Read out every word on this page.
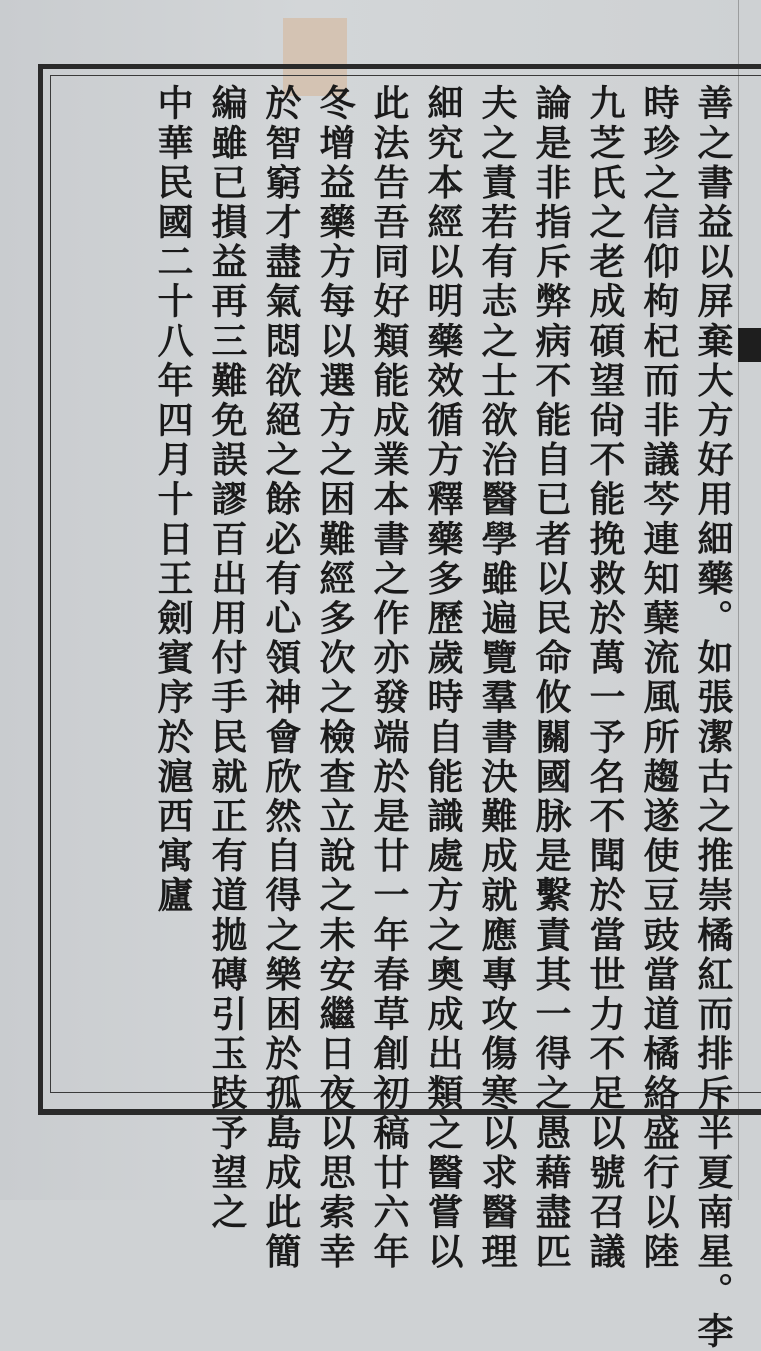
善之書益以屏棄大方好用細藥。如張潔古之推崇橘紅而排斥半夏南星。李
時珍之信仰枸杞而非議芩連知蘖流風所趨遂使豆豉當道橘絡盛行以陸
九芝氏之老成碩望尙不能挽救於萬一予名不聞於當世力不足以號召議
論是非指斥弊病不能自已者以民命攸關國脉是繫責其一得之愚藉盡匹
夫之責若有志之士欲治醫學雖遍覽羣書決難成就應專攻傷寒以求醫理
細究本經以明藥效循方釋藥多歷歲時自能識處方之奧成出類之醫嘗以
此法告吾同好類能成業本書之作亦發端於是廿一年春草創初稿廿六年
冬增益藥方每以選方之困難經多次之檢查立說之未安繼日夜以思索幸
於智窮才盡氣悶欲絕之餘必有心領神會欣然自得之樂困於孤島成此簡
編雖已損益再三難免誤謬百出用付手民就正有道拋磚引玉跂予望之
中華民國二十八年四月十日王劍賓序於滬西寓廬
